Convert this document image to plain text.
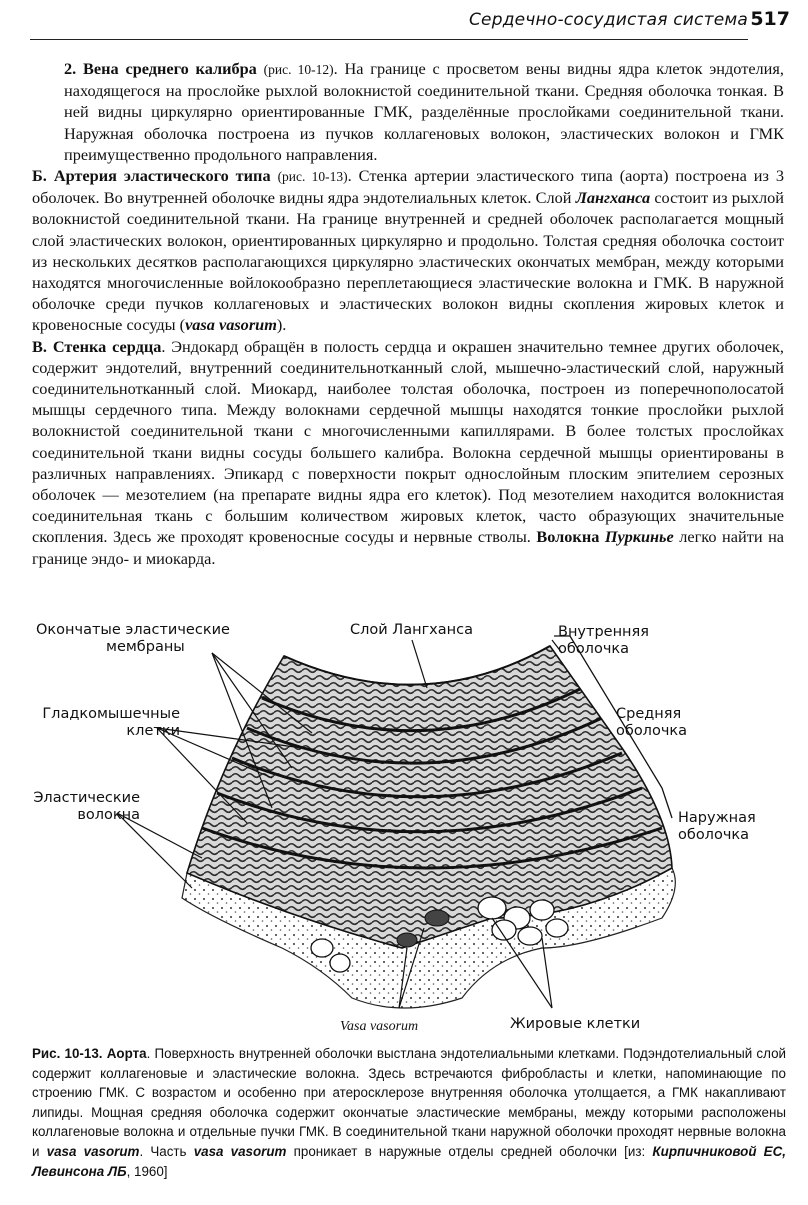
Сердечно-сосудистая система 517

2. Вена среднего калибра (рис. 10-12). На границе с просветом вены видны ядра клеток эндотелия, находящегося на прослойке рыхлой волокнистой соединительной ткани. Средняя оболочка тонкая. В ней видны циркулярно ориентированные ГМК, разделённые прослойками соединительной ткани. Наружная оболочка построена из пучков коллагеновых волокон, эластических волокон и ГМК преимущественно продольного направления.

Б. Артерия эластического типа (рис. 10-13). Стенка артерии эластического типа (аорта) построена из 3 оболочек. Во внутренней оболочке видны ядра эндотелиальных клеток. Слой Лангханса состоит из рыхлой волокнистой соединительной ткани. На границе внутренней и средней оболочек располагается мощный слой эластических волокон, ориентированных циркулярно и продольно. Толстая средняя оболочка состоит из нескольких десятков располагающихся циркулярно эластических окончатых мембран, между которыми находятся многочисленные войлокообразно переплетающиеся эластические волокна и ГМК. В наружной оболочке среди пучков коллагеновых и эластических волокон видны скопления жировых клеток и кровеносные сосуды (vasa vasorum).

В. Стенка сердца. Эндокард обращён в полость сердца и окрашен значительно темнее других оболочек, содержит эндотелий, внутренний соединительнотканный слой, мышечно-эластический слой, наружный соединительнотканный слой. Миокард, наиболее толстая оболочка, построен из поперечнополосатой мышцы сердечного типа. Между волокнами сердечной мышцы находятся тонкие прослойки рыхлой волокнистой соединительной ткани с многочисленными капиллярами. В более толстых прослойках соединительной ткани видны сосуды большего калибра. Волокна сердечной мышцы ориентированы в различных направлениях. Эпикард с поверхности покрыт однослойным плоским эпителием серозных оболочек — мезотелием (на препарате видны ядра его клеток). Под мезотелием находится волокнистая соединительная ткань с большим количеством жировых клеток, часто образующих значительные скопления. Здесь же проходят кровеносные сосуды и нервные стволы. Волокна Пуркинье легко найти на границе эндо- и миокарда.

Окончатые эластические
мембраны
Слой Лангханса	Внутренняя
оболочка
Гладкомышечные
клетки
Средняя
оболочка
Эластические
волокна	Наружная
оболочка
Vasa vasorum	Жировые клетки
Рис. 10-13. Аорта. Поверхность внутренней оболочки выстлана эндотелиальными клетками. Подэндотелиальный слой содержит коллагеновые и эластические волокна. Здесь встречаются фибробласты и клетки, напоминающие по строению ГМК. С возрастом и особенно при атеросклерозе внутренняя оболочка утолщается, а ГМК накапливают липиды. Мощная средняя оболочка содержит окончатые эластические мембраны, между которыми расположены коллагеновые волокна и отдельные пучки ГМК. В соединительной ткани наружной оболочки проходят нервные волокна и vasa vasorum. Часть vasa vasorum проникает в наружные отделы средней оболочки [из: Кирпичниковой ЕС, Левинсона ЛБ, 1960]
